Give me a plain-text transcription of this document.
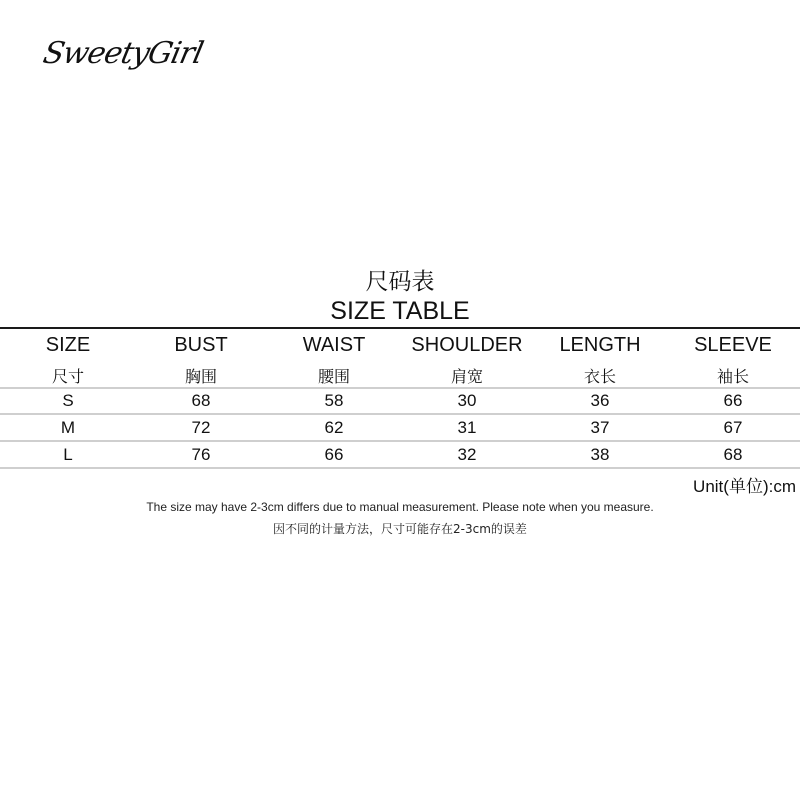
SweetyGirl
尺码表
SIZE TABLE
SIZE	BUST	WAIST	SHOULDER	LENGTH	SLEEVE
尺寸	胸围	腰围	肩宽	衣长	袖长
S	68	58	30	36	66
M	72	62	31	37	67
L	76	66	32	38	68
Unit(单位):cm
The size may have 2-3cm differs due to manual measurement. Please note when you measure.
因不同的计量方法，尺寸可能存在2-3cm的误差
